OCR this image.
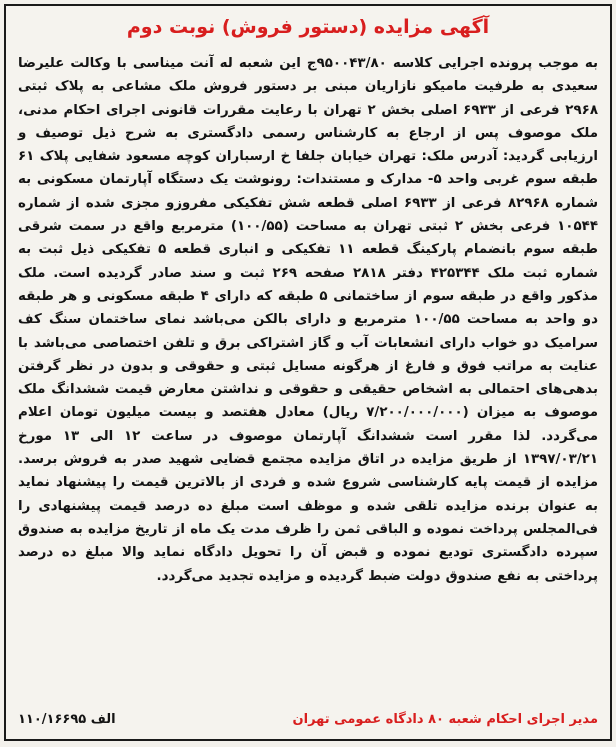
آگهی مزایده (دستور فروش) نوبت دوم
به موجب پرونده اجرایی کلاسه ۹۵۰۰۴۳/۸۰ج این شعبه له آنت میناسی با وکالت علیرضا سعیدی به طرفیت ماميكو نازاریان مبنی بر دستور فروش ملک مشاعی به پلاک ثبتی ۲۹۶۸ فرعی از ۶۹۳۳ اصلی بخش ۲ تهران با رعایت مقررات قانونی اجرای احکام مدنی، ملک موصوف پس از ارجاع به کارشناس رسمی دادگستری به شرح ذیل توصیف و ارزیابی گردید: آدرس ملک: تهران خیابان جلفا خ ارسباران کوچه مسعود شفایی پلاک ۶۱ طبقه سوم غربی واحد ۵- مدارک و مستندات: رونوشت یک دستگاه آپارتمان مسکونی به شماره ۸۲۹۶۸ فرعی از ۶۹۳۳ اصلی قطعه شش تفکیکی مفروزو مجزی شده از شماره ۱۰۵۴۴ فرعی بخش ۲ ثبتی تهران به مساحت (۱۰۰/۵۵) مترمربع واقع در سمت شرقی طبقه سوم بانضمام پارکینگ قطعه ۱۱ تفکیکی و انباری قطعه ۵ تفکیکی ذیل ثبت به شماره ثبت ملک ۴۲۵۳۴۴ دفتر ۲۸۱۸ صفحه ۲۶۹ ثبت و سند صادر گردیده است. ملک مذکور واقع در طبقه سوم از ساختمانی ۵ طبقه که دارای ۴ طبقه مسکونی و هر طبقه دو واحد به مساحت ۱۰۰/۵۵ مترمربع و دارای بالکن می‌باشد نمای ساختمان سنگ کف سرامیک دو خواب دارای انشعابات آب و گاز اشتراکی برق و تلفن اختصاصی می‌باشد با عنایت به مراتب فوق و فارغ از هرگونه مسایل ثبتی و حقوقی و بدون در نظر گرفتن بدهی‌های احتمالی به اشخاص حقیقی و حقوقی و نداشتن معارض قیمت ششدانگ ملک موصوف به میزان (۷/۲۰۰/۰۰۰/۰۰۰ ریال) معادل هفتصد و بیست میلیون تومان اعلام می‌گردد. لذا مقرر است ششدانگ آپارتمان موصوف در ساعت ۱۲ الی ۱۳ مورخ ۱۳۹۷/۰۳/۲۱ از طریق مزایده در اتاق مزایده مجتمع قضایی شهید صدر به فروش برسد. مزایده از قیمت پایه کارشناسی شروع شده و فردی از بالاترین قیمت را پیشنهاد نماید به عنوان برنده مزایده تلقی شده و موظف است مبلغ ده درصد قیمت پیشنهادی را فی‌المجلس پرداخت نموده و الباقی ثمن را ظرف مدت یک ماه از تاریخ مزایده به صندوق سپرده دادگستری تودیع نموده و قبض آن را تحویل دادگاه نماید والا مبلغ ده درصد پرداختی به نفع صندوق دولت ضبط گردیده و مزایده تجدید می‌گردد.
مدیر اجرای احکام شعبه ۸۰ دادگاه عمومی تهران
۱۱۰/۱۶۶۹۵ الف
